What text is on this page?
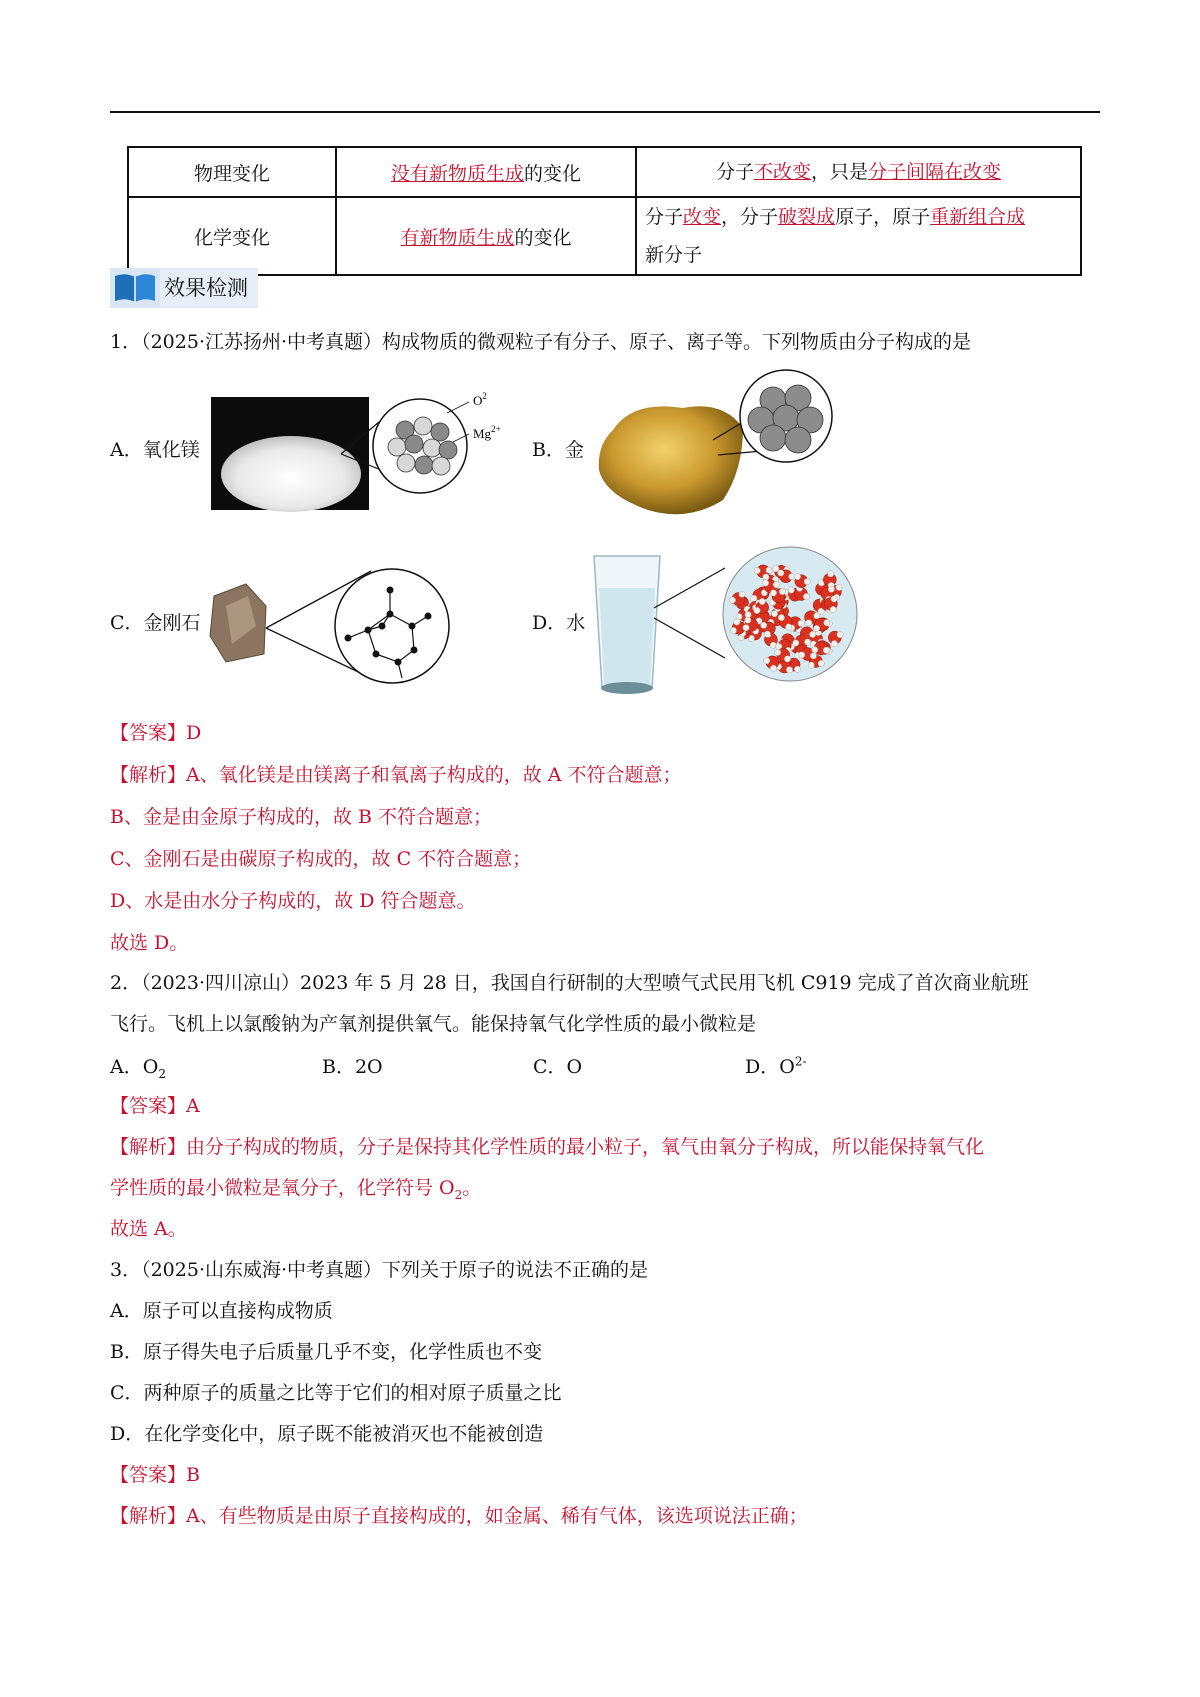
物理变化	没有新物质生成的变化	分子不改变，只是分子间隔在改变
化学变化	有新物质生成的变化	分子改变，分子破裂成原子，原子重新组合成
新分子
效果检测
1．（2025·江苏扬州·中考真题）构成物质的微观粒子有分子、原子、离子等。下列物质由分子构成的是
A．氧化镁
$O^2$
$Mg^{2+}$
B．金
C．金刚石	D．水
【答案】D
【解析】A、氧化镁是由镁离子和氧离子构成的，故 A 不符合题意；
B、金是由金原子构成的，故 B 不符合题意；
C、金刚石是由碳原子构成的，故 C 不符合题意；
D、水是由水分子构成的，故 D 符合题意。
故选 D。
2．（2023·四川凉山）2023 年 5 月 28 日，我国自行研制的大型喷气式民用飞机 C919 完成了首次商业航班
飞行。飞机上以氯酸钠为产氧剂提供氧气。能保持氧气化学性质的最小微粒是
A．$O_2$	B．2O	C．O	D．$O^{2-}$
【答案】A
【解析】由分子构成的物质，分子是保持其化学性质的最小粒子，氧气由氧分子构成，所以能保持氧气化
学性质的最小微粒是氧分子，化学符号 $O_2$。
故选 A。
3．（2025·山东威海·中考真题）下列关于原子的说法不正确的是
A．原子可以直接构成物质
B．原子得失电子后质量几乎不变，化学性质也不变
C．两种原子的质量之比等于它们的相对原子质量之比
D．在化学变化中，原子既不能被消灭也不能被创造
【答案】B
【解析】A、有些物质是由原子直接构成的，如金属、稀有气体，该选项说法正确；
